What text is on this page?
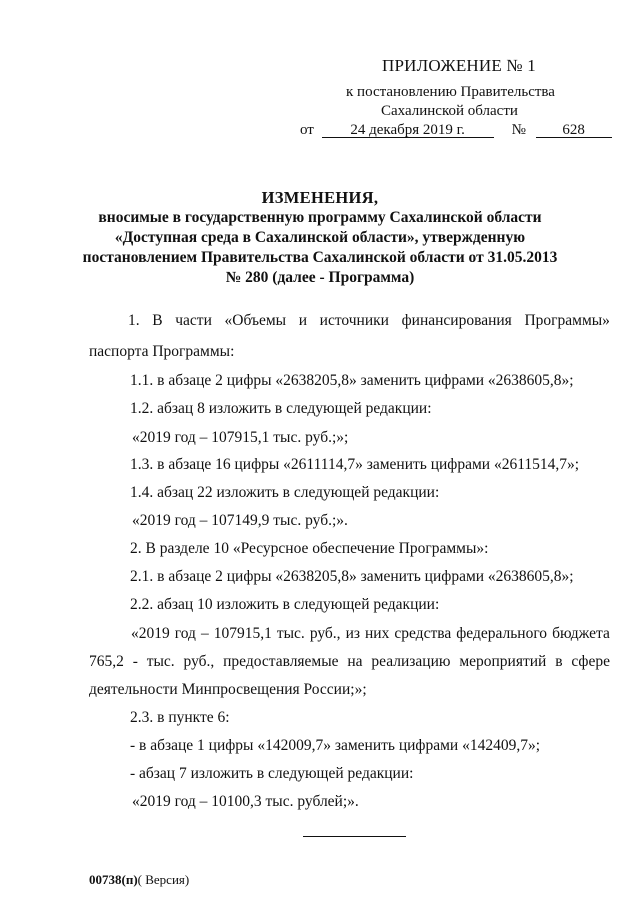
ПРИЛОЖЕНИЕ № 1
к постановлению Правительства
Сахалинской области
от 24 декабря 2019 г.	№ 628
ИЗМЕНЕНИЯ,
вносимые в государственную программу Сахалинской области
«Доступная среда в Сахалинской области», утвержденную
постановлением Правительства Сахалинской области от 31.05.2013
№ 280 (далее - Программа)
1. В части «Объемы и источники финансирования Программы»
паспорта Программы:
1.1. в абзаце 2 цифры «2638205,8» заменить цифрами «2638605,8»;
1.2. абзац 8 изложить в следующей редакции:
«2019 год – 107915,1 тыс. руб.;»;
1.3. в абзаце 16 цифры «2611114,7» заменить цифрами «2611514,7»;
1.4. абзац 22 изложить в следующей редакции:
«2019 год – 107149,9 тыс. руб.;».
2. В разделе 10 «Ресурсное обеспечение Программы»:
2.1. в абзаце 2 цифры «2638205,8» заменить цифрами «2638605,8»;
2.2. абзац 10 изложить в следующей редакции:
«2019 год – 107915,1 тыс. руб., из них средства федерального бюджета
765,2 - тыс. руб., предоставляемые на реализацию мероприятий в сфере
деятельности Минпросвещения России;»;
2.3. в пункте 6:
- в абзаце 1 цифры «142009,7» заменить цифрами «142409,7»;
- абзац 7 изложить в следующей редакции:
«2019 год – 10100,3 тыс. рублей;».
00738(п)( Версия)
